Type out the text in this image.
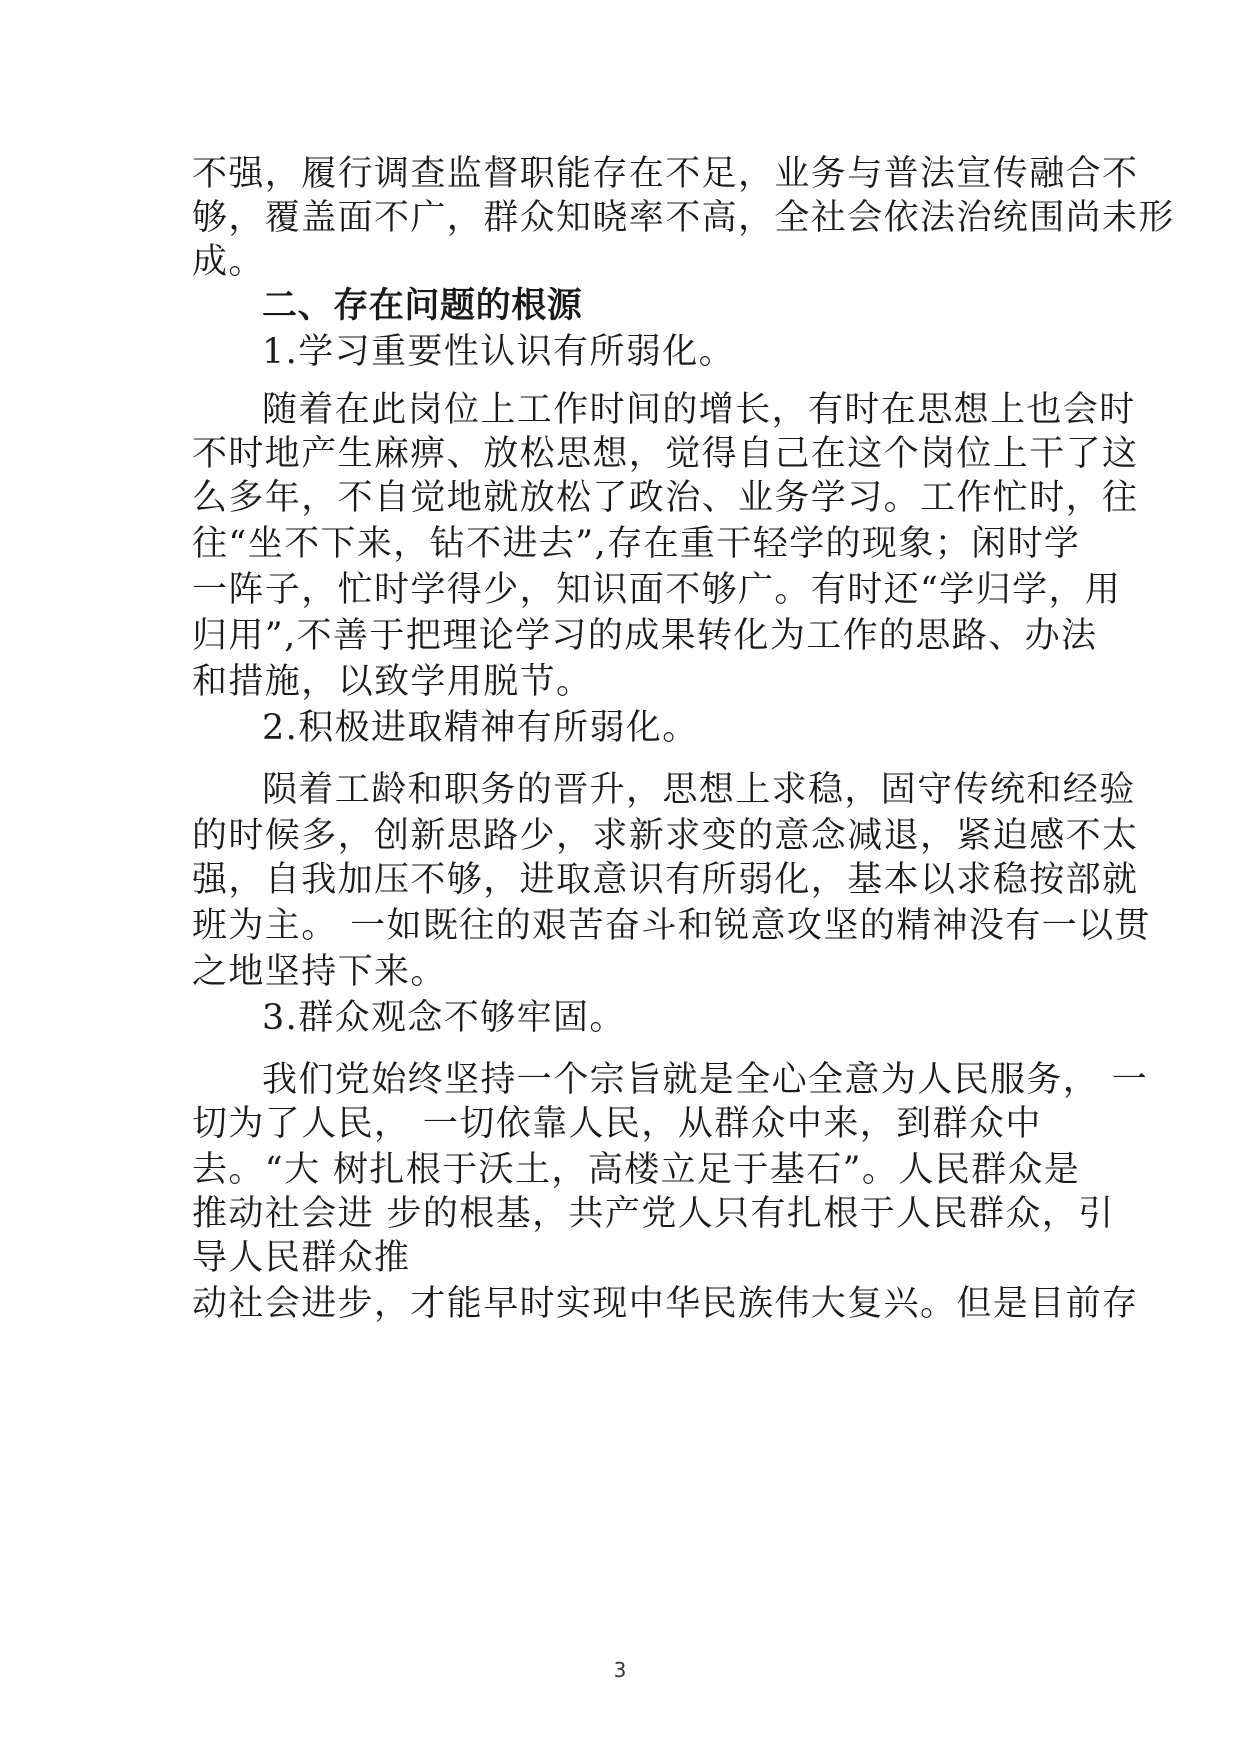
不强，履行调查监督职能存在不足，业务与普法宣传融合不
够，覆盖面不广，群众知晓率不高，全社会依法治统围尚未形
成。
二、存在问题的根源
1.学习重要性认识有所弱化。
随着在此岗位上工作时间的增长，有时在思想上也会时
不时地产生麻痹、放松思想，觉得自己在这个岗位上干了这
么多年，不自觉地就放松了政治、业务学习。工作忙时，往
往“坐不下来，钻不进去”,存在重干轻学的现象；闲时学
一阵子，忙时学得少，知识面不够广。有时还“学归学，用
归用”,不善于把理论学习的成果转化为工作的思路、办法
和措施，以致学用脱节。
2.积极进取精神有所弱化。
陨着工龄和职务的晋升，思想上求稳，固守传统和经验
的时候多，创新思路少，求新求变的意念减退，紧迫感不太
强，自我加压不够，进取意识有所弱化，基本以求稳按部就
班为主。 一如既往的艰苦奋斗和锐意攻坚的精神没有一以贯
之地坚持下来。
3.群众观念不够牢固。
我们党始终坚持一个宗旨就是全心全意为人民服务， 一
切为了人民， 一切依靠人民，从群众中来，到群众中
去。“大 树扎根于沃土，高楼立足于基石”。人民群众是
推动社会进 步的根基，共产党人只有扎根于人民群众，引
导人民群众推
动社会进步，才能早时实现中华民族伟大复兴。但是目前存
3
